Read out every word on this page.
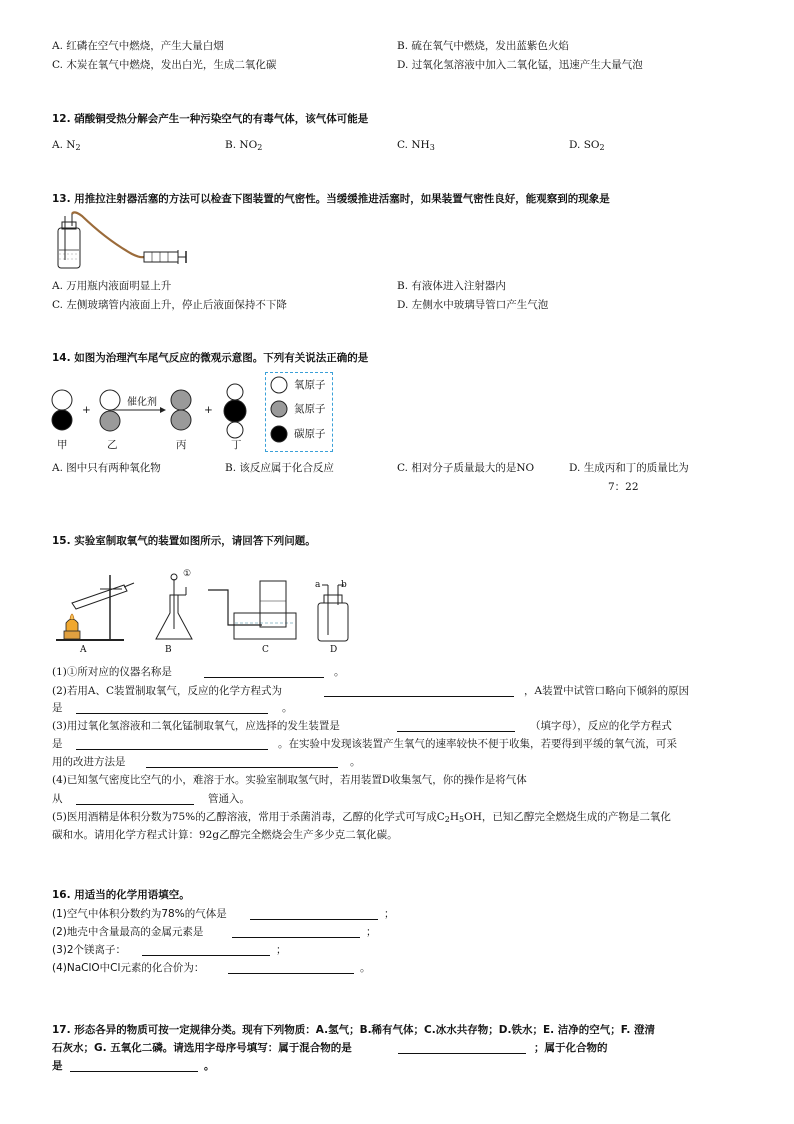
A. 红磷在空气中燃烧，产生大量白烟	B. 硫在氧气中燃烧，发出蓝紫色火焰
C. 木炭在氧气中燃烧，发出白光，生成二氧化碳	D. 过氧化氢溶液中加入二氧化锰，迅速产生大量气泡
12. 硝酸铜受热分解会产生一种污染空气的有毒气体，该气体可能是
A. $N_2$	B. $NO_2$	C. $NH_3$	D. $SO_2$
13. 用推拉注射器活塞的方法可以检查下图装置的气密性。当缓缓推进活塞时，如果装置气密性良好，能观察到的现象是
A. 万用瓶内液面明显上升	B. 有液体进入注射器内
C. 左侧玻璃管内液面上升，停止后液面保持不下降	D. 左侧水中玻璃导管口产生气泡
14. 如图为治理汽车尾气反应的微观示意图。下列有关说法正确的是
+	+
催化剂
甲	乙	丙	丁
氧原子
氮原子
碳原子
A. 图中只有两种氧化物	B. 该反应属于化合反应	C. 相对分子质量最大的是NO	D. 生成丙和丁的质量比为
7：22
15. 实验室制取氧气的装置如图所示，请回答下列问题。
①
a b
A	B	C	D
(1)①所对应的仪器名称是	。
(2)若用A、C装置制取氧气，反应的化学方程式为	，A装置中试管口略向下倾斜的原因
是	。
(3)用过氧化氢溶液和二氧化锰制取氧气，应选择的发生装置是	（填字母），反应的化学方程式
是	。在实验中发现该装置产生氧气的速率较快不便于收集，若要得到平缓的氧气流，可采
用的改进方法是	。
(4)已知氢气密度比空气的小，难溶于水。实验室制取氢气时，若用装置D收集氢气，你的操作是将气体
从	管通入。
(5)医用酒精是体积分数为75%的乙醇溶液，常用于杀菌消毒，乙醇的化学式可写成$C_2H_5OH$，已知乙醇完全燃烧生成的产物是二氧化
碳和水。请用化学方程式计算：92g乙醇完全燃烧会生产多少克二氧化碳。
16. 用适当的化学用语填空。
(1)空气中体积分数约为78%的气体是	；
(2)地壳中含量最高的金属元素是	；
(3)2个镁离子：	；
(4)NaClO中Cl元素的化合价为：	。
17. 形态各异的物质可按一定规律分类。现有下列物质：A.氢气；B.稀有气体；C.冰水共存物；D.铁水；E. 洁净的空气；F. 澄清
石灰水；G. 五氧化二磷。请选用字母序号填写：属于混合物的是	；属于化合物的
是	。
